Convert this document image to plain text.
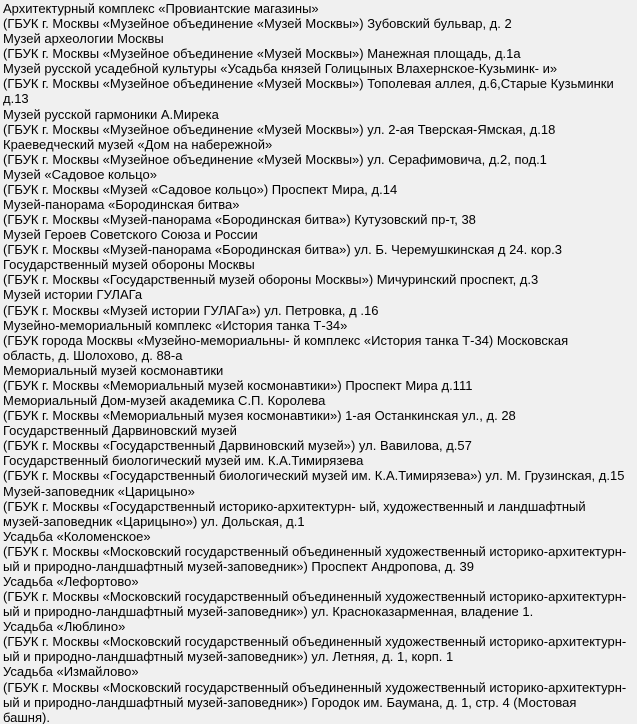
Архитектурный комплекс «Провиантские магазины»
(ГБУК г. Москвы «Музейное объединение «Музей Москвы») Зубовский бульвар, д. 2
Музей археологии Москвы
(ГБУК г. Москвы «Музейное объединение «Музей Москвы») Манежная площадь, д.1а
Музей русской усадебной культуры «Усадьба князей Голицыных Влахернское-Кузьминк- и»
(ГБУК г. Москвы «Музейное объединение «Музей Москвы») Тополевая аллея, д.6,Старые Кузьминки
д.13
Музей русской гармоники А.Мирека
(ГБУК г. Москвы «Музейное объединение «Музей Москвы») ул. 2-ая Тверская-Ямская, д.18
Краеведческий музей «Дом на набережной»
(ГБУК г. Москвы «Музейное объединение «Музей Москвы») ул. Серафимовича, д.2, под.1
Музей «Садовое кольцо»
(ГБУК г. Москвы «Музей «Садовое кольцо») Проспект Мира, д.14
Музей-панорама «Бородинская битва»
(ГБУК г. Москвы «Музей-панорама «Бородинская битва») Кутузовский пр-т, 38
Музей Героев Советского Союза и России
(ГБУК г. Москвы «Музей-панорама «Бородинская битва») ул. Б. Черемушкинская д 24. кор.3
Государственный музей обороны Москвы
(ГБУК г. Москвы «Государственный музей обороны Москвы») Мичуринский проспект, д.3
Музей истории ГУЛАГа
(ГБУК г. Москвы «Музей истории ГУЛАГа») ул. Петровка, д .16
Музейно-мемориальный комплекс «История танка Т-34»
(ГБУК города Москвы «Музейно-мемориальны- й комплекс «История танка Т-34) Московская
область, д. Шолохово, д. 88-а
Мемориальный музей космонавтики
(ГБУК г. Москвы «Мемориальный музей космонавтики») Проспект Мира д.111
Мемориальный Дом-музей академика С.П. Королева
(ГБУК г. Москвы «Мемориальный музея космонавтики») 1-ая Останкинская ул., д. 28
Государственный Дарвиновский музей
(ГБУК г. Москвы «Государственный Дарвиновский музей») ул. Вавилова, д.57
Государственный биологический музей им. К.А.Тимирязева
(ГБУК г. Москвы «Государственный биологический музей им. К.А.Тимирязева») ул. М. Грузинская, д.15
Музей-заповедник «Царицыно»
(ГБУК г. Москвы «Государственный историко-архитектурн- ый, художественный и ландшафтный
музей-заповедник «Царицыно») ул. Дольская, д.1
Усадьба «Коломенское»
(ГБУК г. Москвы «Московский государственный объединенный художественный историко-архитектурн-
ый и природно-ландшафтный музей-заповедник») Проспект Андропова, д. 39
Усадьба «Лефортово»
(ГБУК г. Москвы «Московский государственный объединенный художественный историко-архитектурн-
ый и природно-ландшафтный музей-заповедник») ул. Красноказарменная, владение 1.
Усадьба «Люблино»
(ГБУК г. Москвы «Московский государственный объединенный художественный историко-архитектурн-
ый и природно-ландшафтный музей-заповедник») ул. Летняя, д. 1, корп. 1
Усадьба «Измайлово»
(ГБУК г. Москвы «Московский государственный объединенный художественный историко-архитектурн-
ый и природно-ландшафтный музей-заповедник») Городок им. Баумана, д. 1, стр. 4 (Мостовая
башня).
